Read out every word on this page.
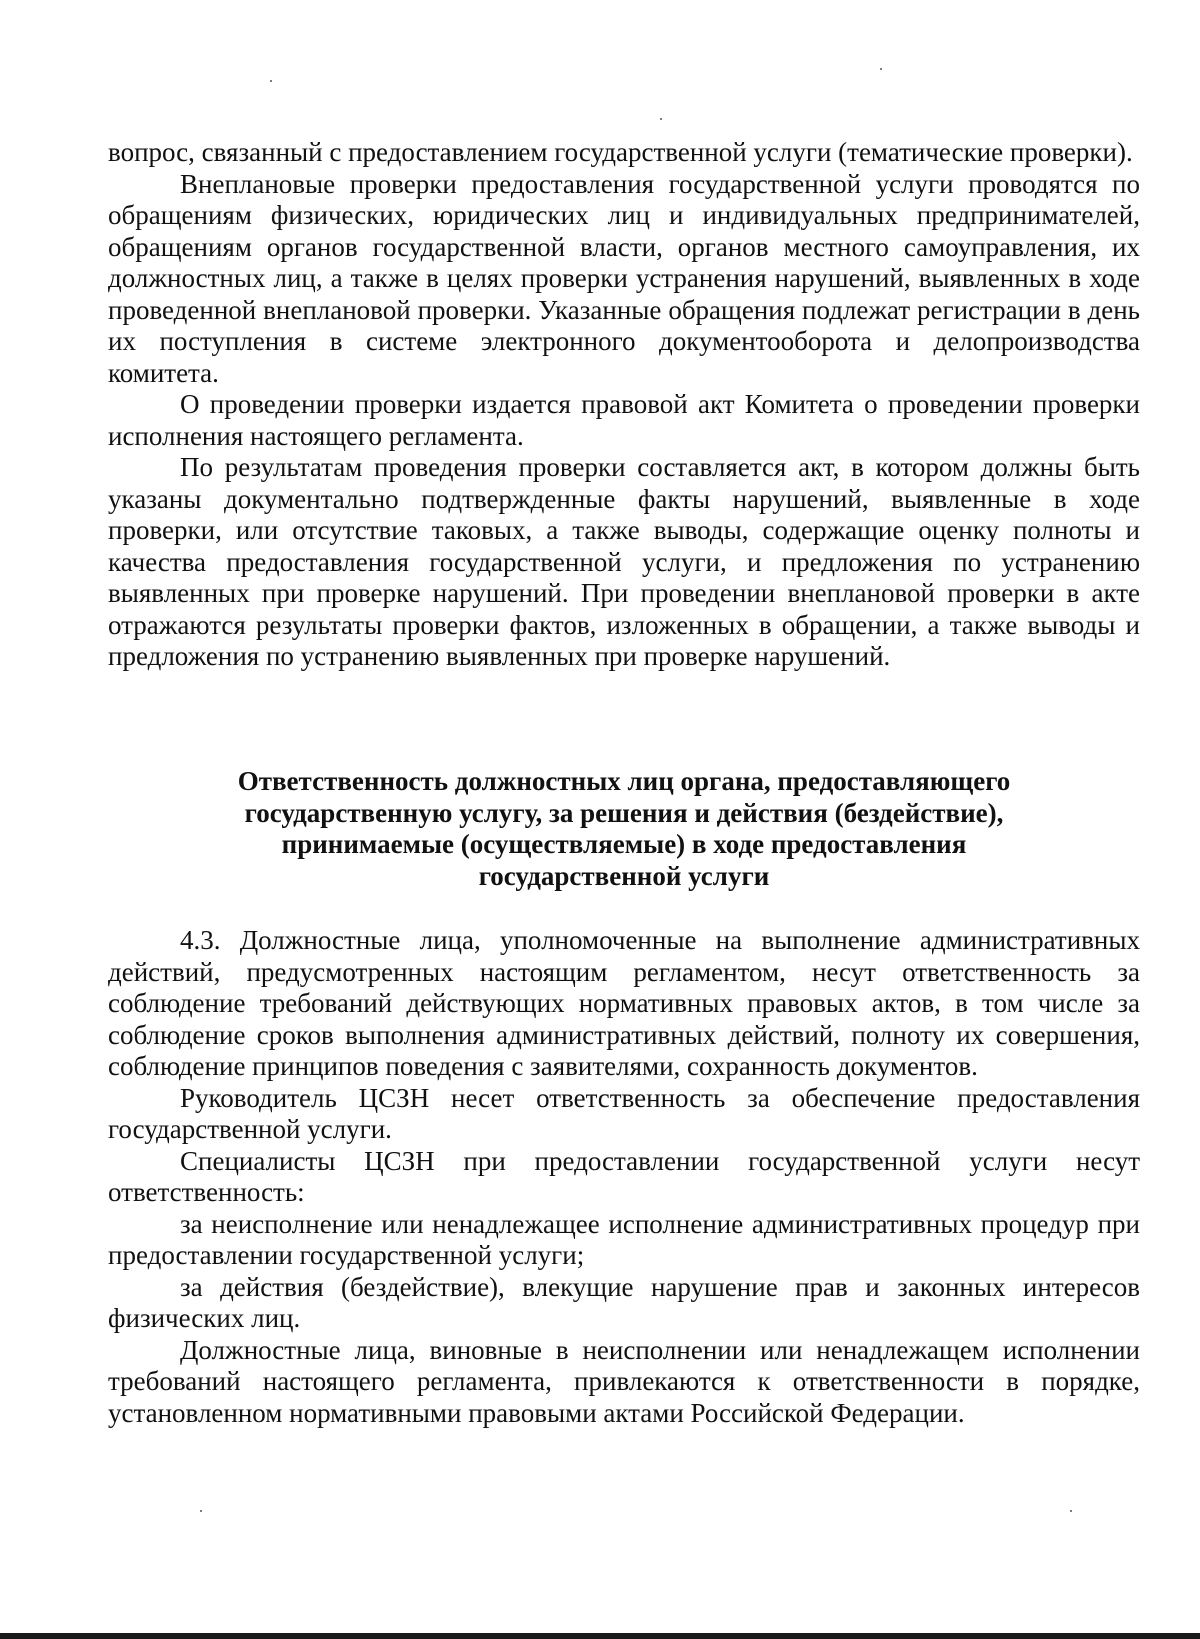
вопрос, связанный с предоставлением государственной услуги (тематические проверки).

Внеплановые проверки предоставления государственной услуги проводятся по обращениям физических, юридических лиц и индивидуальных предпринимателей, обращениям органов государственной власти, органов местного самоуправления, их должностных лиц, а также в целях проверки устранения нарушений, выявленных в ходе проведенной внеплановой проверки. Указанные обращения подлежат регистрации в день их поступления в системе электронного документооборота и делопроизводства комитета.

О проведении проверки издается правовой акт Комитета о проведении проверки исполнения настоящего регламента.

По результатам проведения проверки составляется акт, в котором должны быть указаны документально подтвержденные факты нарушений, выявленные в ходе проверки, или отсутствие таковых, а также выводы, содержащие оценку полноты и качества предоставления государственной услуги, и предложения по устранению выявленных при проверке нарушений. При проведении внеплановой проверки в акте отражаются результаты проверки фактов, изложенных в обращении, а также выводы и предложения по устранению выявленных при проверке нарушений.

Ответственность должностных лиц органа, предоставляющего
государственную услугу, за решения и действия (бездействие),
принимаемые (осуществляемые) в ходе предоставления
государственной услуги

4.3. Должностные лица, уполномоченные на выполнение административных действий, предусмотренных настоящим регламентом, несут ответственность за соблюдение требований действующих нормативных правовых актов, в том числе за соблюдение сроков выполнения административных действий, полноту их совершения, соблюдение принципов поведения с заявителями, сохранность документов.

Руководитель ЦСЗН несет ответственность за обеспечение предоставления государственной услуги.

Специалисты ЦСЗН при предоставлении государственной услуги несут ответственность:

за неисполнение или ненадлежащее исполнение административных процедур при предоставлении государственной услуги;

за действия (бездействие), влекущие нарушение прав и законных интересов физических лиц.

Должностные лица, виновные в неисполнении или ненадлежащем исполнении требований настоящего регламента, привлекаются к ответственности в порядке, установленном нормативными правовыми актами Российской Федерации.
